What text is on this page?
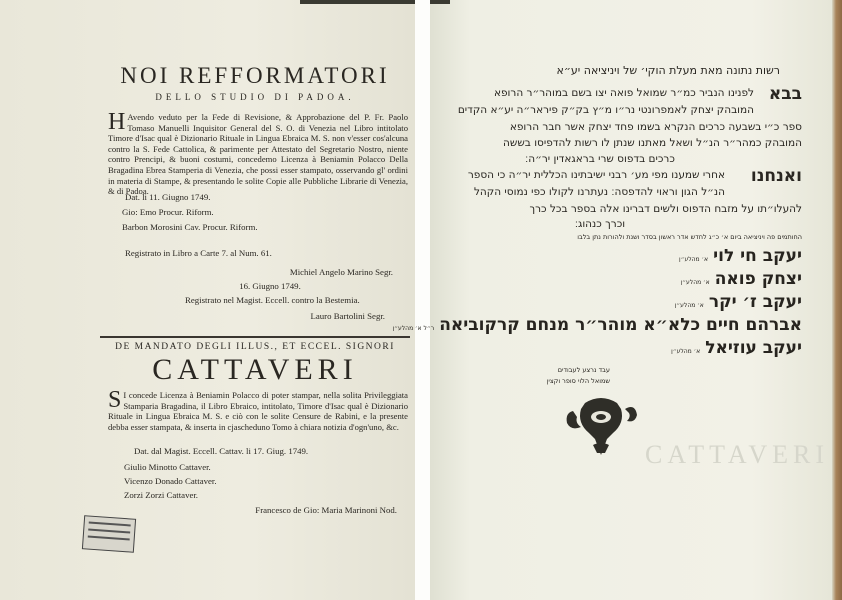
NOI REFFORMATORI
DELLO STUDIO DI PADOA.
H Avendo veduto per la Fede di Revisione, & Approbazione del P. Fr. Paolo Tomaso Manuelli Inquisitor General del S. O. di Venezia nel Libro intitolato Timore d'Isac qual è Dizionario Rituale in Lingua Ebraica M. S. non v'esser cos'alcuna contro la S. Fede Cattolica, & parimente per Attestato del Segretario Nostro, niente contro Prencipi, & buoni costumi, concedemo Licenza à Beniamin Polacco Della Bragadina Ebrea Stamperia di Venezia, che possi esser stampato, osservando gl' ordini in materia di Stampe, & presentando le solite Copie alle Pubbliche Librarie di Venezia, & di Padoa.
Dat. li 11. Giugno 1749.
Gio: Emo Procur. Riform.
Barbon Morosini Cav. Procur. Riform.
Registrato in Libro a Carte 7. al Num. 61.
Michiel Angelo Marino Segr.
16. Giugno 1749.
Registrato nel Magist. Eccell. contro la Bestemia.
Lauro Bartolini Segr.
DE MANDATO DEGLI ILLUS., ET ECCEL. SIGNORI
CATTAVERI
S I concede Licenza à Beniamin Polacco di poter stampar, nella solita Privileggiata Stamparia Bragadina, il Libro Ebraico, intitolato, Timore d'Isac qual è Dizionario Rituale in Lingua Ebraica M. S. e ciò con le solite Censure de Rabini, e la presente debba esser stampata, & inserta in cjascheduno Tomo à chiara notizia d'ogn'uno, &c.
Dat. dal Magist. Eccell. Cattav. li 17. Giug. 1749.
Giulio Minotto Cattaver.
Vicenzo Donado Cattaver.
Zorzi Zorzi Cattaver.
Francesco de Gio: Maria Marinoni Nod.
CATTAVERI
רשות נתונה מאת מעלת הוקי׳ של ויניציאה יע״א
בבא
לפנינו הנביר כמ״ר שמואל פואה יצו בשם במוהר״ר הרופא
המובהק יצחק לאמפרונטי נר״ו מ״ץ בק״ק פיראר״ה יע״א הקדים
ספר כ״י בשבעה כרכים הנקרא בשמו פחד יצחק אשר חבר הרופא
המובהק כמהר״ר הנ״ל ושאל מאתנו שנתן לו רשות להדפיסו בששה
כרכים בדפוס שרי בראגאדין יר״ה׃
ואנחנו
אחרי שמענו מפי מע׳ רבני ישיבתינו הכללית יר״ה כי הספר
הנ״ל הגון וראוי להדפסה׃ נעתרנו לקולו כפי נמוסי הקהל
להעלו״תו על מזבח הדפוס ולשים דברינו אלה בספר בכל כרך
וכרך כנהוג׃
החותמים פה ויניציאה ביום א׳ כ״ג לחדש אדר ראשון בסדר ושנת ולהורות נתן בלבו
יעקב חי לוי א׳ מהלע״ן
יצחק פואה א׳ מהלע״ן
יעקב ז׳ יקר א׳ מהלע״ן
אברהם חיים כלא״א מוהר״ר מנחם קרקוביאה ר״ל א׳ מהלע״ן
יעקב עוזיאל א׳ מהלע״ן
עבד נרצע לעבודים
שמואל הלוי סופר וקצין
